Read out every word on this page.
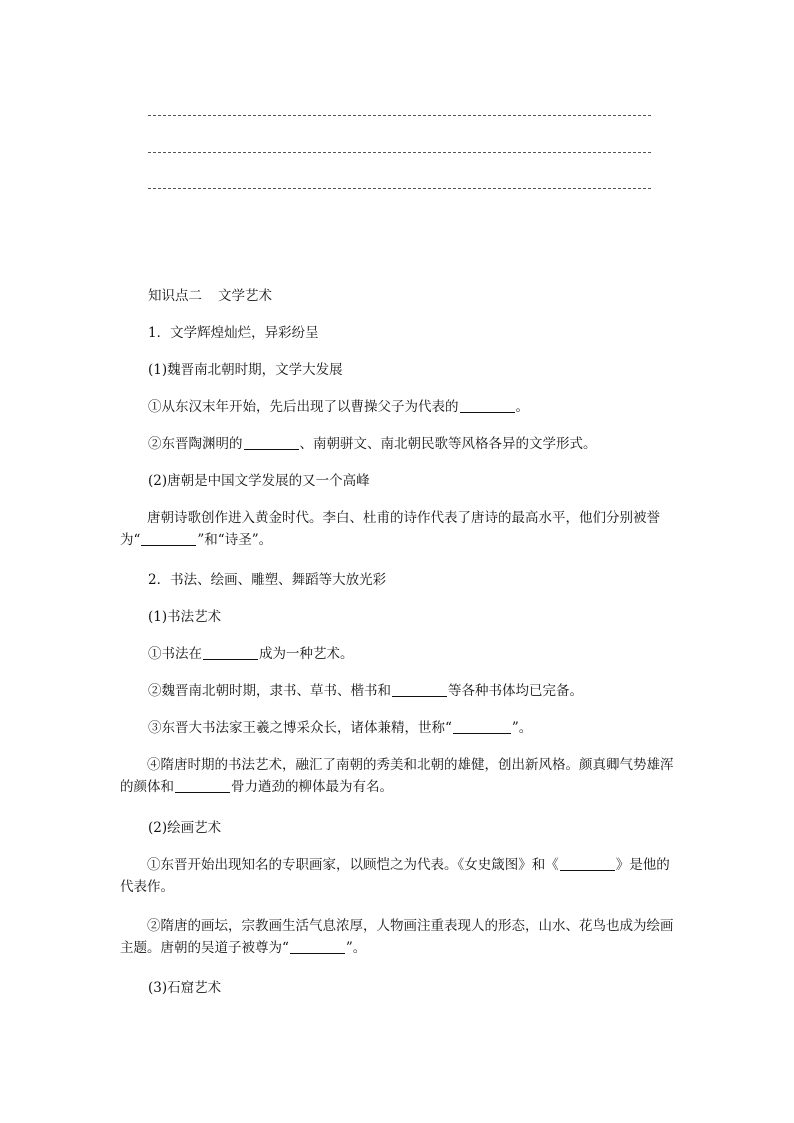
知识点二 文学艺术
1．文学辉煌灿烂，异彩纷呈
(1)魏晋南北朝时期，文学大发展
①从东汉末年开始，先后出现了以曹操父子为代表的	。
②东晋陶渊明的	、南朝骈文、南北朝民歌等风格各异的文学形式。
(2)唐朝是中国文学发展的又一个高峰
唐朝诗歌创作进入黄金时代。李白、杜甫的诗作代表了唐诗的最高水平，他们分别被誉为“	”和“诗圣”。
2．书法、绘画、雕塑、舞蹈等大放光彩
(1)书法艺术
①书法在	成为一种艺术。
②魏晋南北朝时期，隶书、草书、楷书和	等各种书体均已完备。
③东晋大书法家王羲之博采众长，诸体兼精，世称“	”。
④隋唐时期的书法艺术，融汇了南朝的秀美和北朝的雄健，创出新风格。颜真卿气势雄浑的颜体和	骨力遒劲的柳体最为有名。
(2)绘画艺术
①东晋开始出现知名的专职画家，以顾恺之为代表。《女史箴图》和《	》是他的代表作。
②隋唐的画坛，宗教画生活气息浓厚，人物画注重表现人的形态，山水、花鸟也成为绘画主题。唐朝的吴道子被尊为“	”。
(3)石窟艺术
